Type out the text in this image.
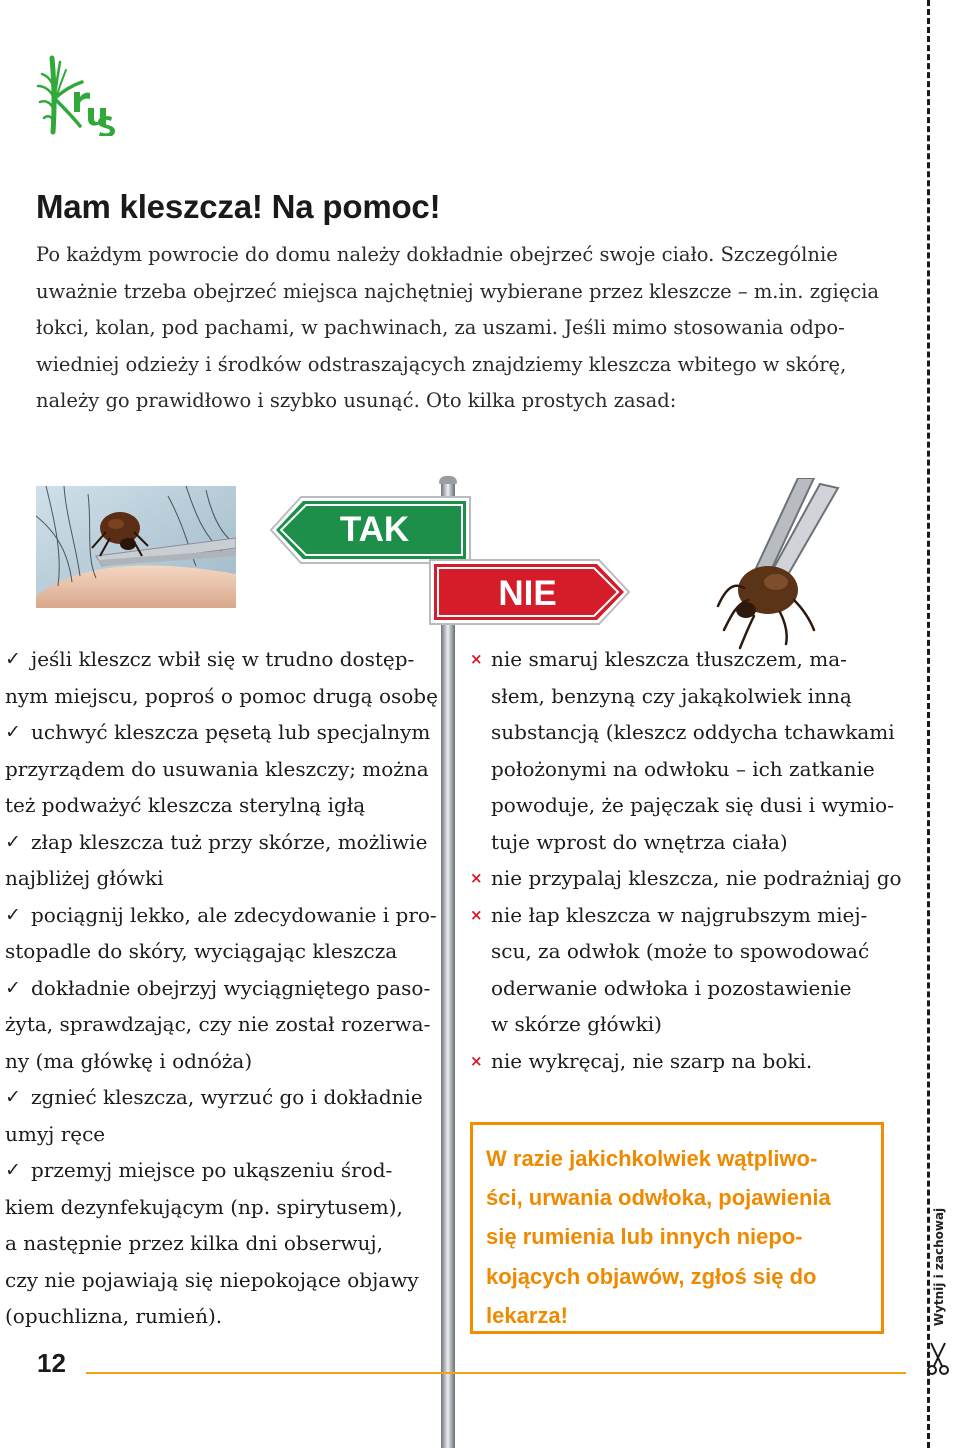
Wytnij i zachowaj
Mam kleszcza! Na pomoc!

Po każdym powrocie do domu należy dokładnie obejrzeć swoje ciało. Szczególnie
uważnie trzeba obejrzeć miejsca najchętniej wybierane przez kleszcze – m.in. zgięcia
łokci, kolan, pod pachami, w pachwinach, za uszami. Jeśli mimo stosowania odpo-
wiedniej odzieży i środków odstraszających znajdziemy kleszcza wbitego w skórę,
należy go prawidłowo i szybko usunąć. Oto kilka prostych zasad:

TAK
NIE
✓ jeśli kleszcz wbił się w trudno dostęp-
nym miejscu, poproś o pomoc drugą osobę
✓ uchwyć kleszcza pęsetą lub specjalnym
przyrządem do usuwania kleszczy; można
też podważyć kleszcza sterylną igłą
✓ złap kleszcza tuż przy skórze, możliwie
najbliżej główki
✓ pociągnij lekko, ale zdecydowanie i pro-
stopadle do skóry, wyciągając kleszcza
✓ dokładnie obejrzyj wyciągniętego paso-
żyta, sprawdzając, czy nie został rozerwa-
ny (ma główkę i odnóża)
✓ zgnieć kleszcza, wyrzuć go i dokładnie
umyj ręce
✓ przemyj miejsce po ukąszeniu środ-
kiem dezynfekującym (np. spirytusem),
a następnie przez kilka dni obserwuj,
czy nie pojawiają się niepokojące objawy
(opuchlizna, rumień).
× nie smaruj kleszcza tłuszczem, ma-
słem, benzyną czy jakąkolwiek inną
substancją (kleszcz oddycha tchawkami
położonymi na odwłoku – ich zatkanie
powoduje, że pajęczak się dusi i wymio-
tuje wprost do wnętrza ciała)
× nie przypalaj kleszcza, nie podrażniaj go
× nie łap kleszcza w najgrubszym miej-
scu, za odwłok (może to spowodować
oderwanie odwłoka i pozostawienie
w skórze główki)
× nie wykręcaj, nie szarp na boki.
W razie jakichkolwiek wątpliwo-
ści, urwania odwłoka, pojawienia
się rumienia lub innych niepo-
kojących objawów, zgłoś się do
lekarza!
12
